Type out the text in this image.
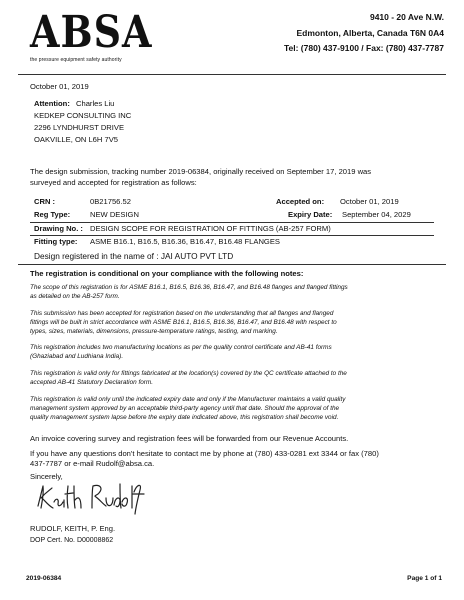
ABSA
the pressure equipment safety authority
9410 - 20 Ave N.W.
Edmonton, Alberta, Canada T6N 0A4
Tel: (780) 437-9100 / Fax: (780) 437-7787
October 01, 2019
Attention: Charles Liu
KEDKEP CONSULTING INC
2296 LYNDHURST DRIVE
OAKVILLE, ON L6H 7V5
The design submission, tracking number 2019-06384, originally received on September 17, 2019 was
surveyed and accepted for registration as follows:
CRN :	0B21756.52	Accepted on: October 01, 2019
Reg Type:	NEW DESIGN	Expiry Date: September 04, 2029
Drawing No. : DESIGN SCOPE FOR REGISTRATION OF FITTINGS (AB-257 FORM)
Fitting type: ASME B16.1, B16.5, B16.36, B16.47, B16.48 FLANGES
Design registered in the name of : JAI AUTO PVT LTD
The registration is conditional on your compliance with the following notes:
The scope of this registration is for ASME B16.1, B16.5, B16.36, B16.47, and B16.48 flanges and flanged fittings
as detailed on the AB-257 form.
This submission has been accepted for registration based on the understanding that all flanges and flanged
fittings will be built in strict accordance with ASME B16.1, B16.5, B16.36, B16.47, and B16.48 with respect to
types, sizes, materials, dimensions, pressure-temperature ratings, testing, and marking.
This registration includes two manufacturing locations as per the quality control certificate and AB-41 forms
(Ghaziabad and Ludhiana India).
This registration is valid only for fittings fabricated at the location(s) covered by the QC certificate attached to the
accepted AB-41 Statutory Declaration form.
This registration is valid only until the indicated expiry date and only if the Manufacturer maintains a valid quality
management system approved by an acceptable third-party agency until that date. Should the approval of the
quality management system lapse before the expiry date indicated above, this registration shall become void.
An invoice covering survey and registration fees will be forwarded from our Revenue Accounts.
If you have any questions don't hesitate to contact me by phone at (780) 433-0281 ext 3344 or fax (780)
437-7787 or e-mail Rudolf@absa.ca.
Sincerely,
RUDOLF, KEITH, P. Eng.
DOP Cert. No. D00008862
2019-06384	Page 1 of 1
